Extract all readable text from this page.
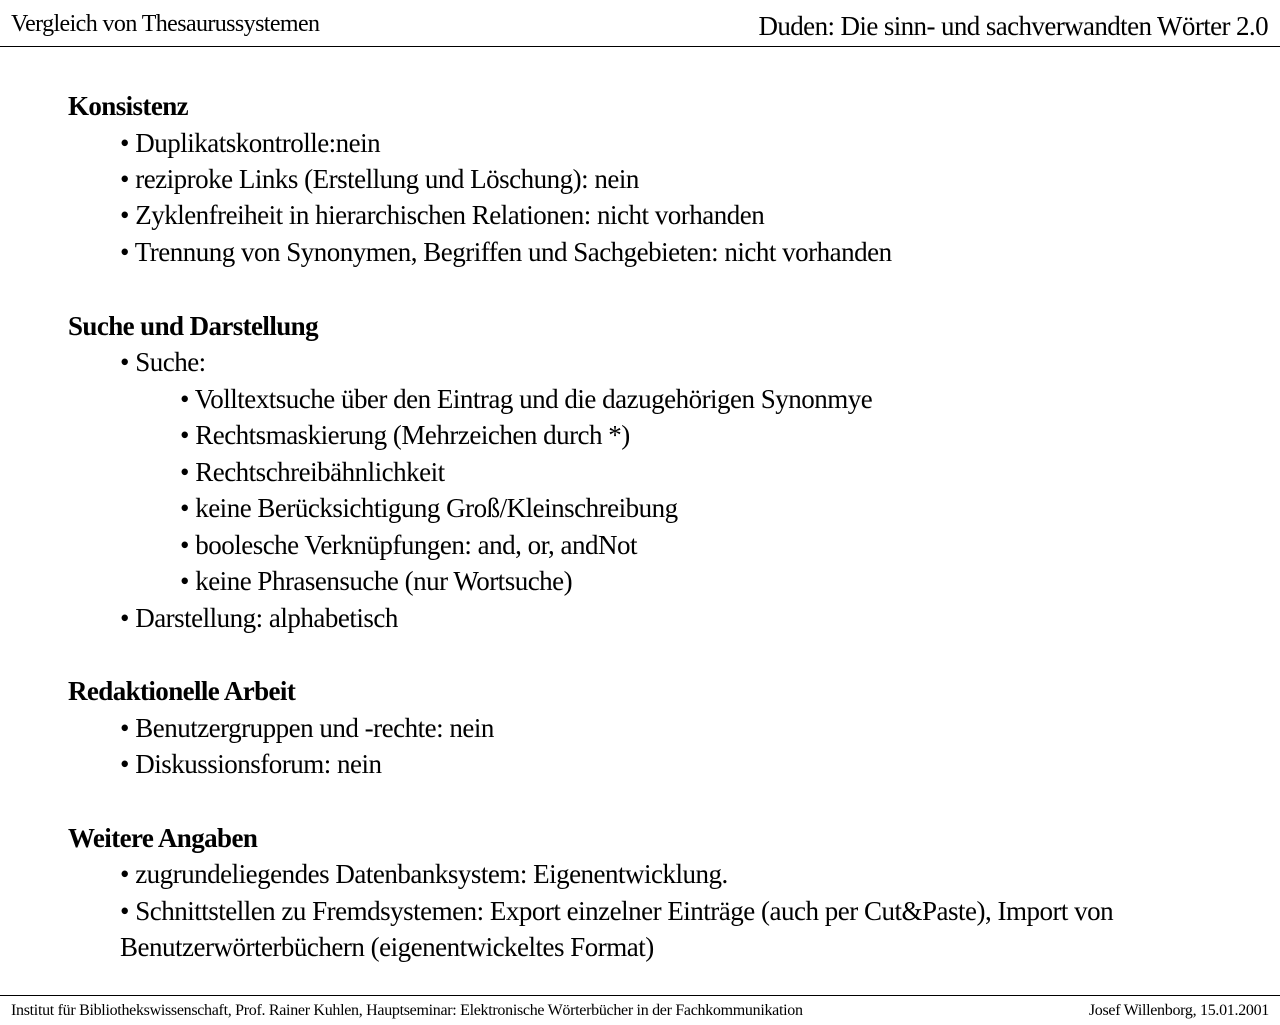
Vergleich von Thesaurussystemen	Duden: Die sinn- und sachverwandten Wörter 2.0
Konsistenz
• Duplikatskontrolle:nein
• reziproke Links (Erstellung und Löschung): nein
• Zyklenfreiheit in hierarchischen Relationen: nicht vorhanden
• Trennung von Synonymen, Begriffen und Sachgebieten: nicht vorhanden
Suche und Darstellung
• Suche:
• Volltextsuche über den Eintrag und die dazugehörigen Synonmye
• Rechtsmaskierung (Mehrzeichen durch *)
• Rechtschreibähnlichkeit
• keine Berücksichtigung Groß/Kleinschreibung
• boolesche Verknüpfungen: and, or, andNot
• keine Phrasensuche (nur Wortsuche)
• Darstellung: alphabetisch
Redaktionelle Arbeit
• Benutzergruppen und -rechte: nein
• Diskussionsforum: nein
Weitere Angaben
• zugrundeliegendes Datenbanksystem: Eigenentwicklung.
• Schnittstellen zu Fremdsystemen: Export einzelner Einträge (auch per Cut&Paste), Import von
Benutzerwörterbüchern (eigenentwickeltes Format)
Institut für Bibliothekswissenschaft, Prof. Rainer Kuhlen, Hauptseminar: Elektronische Wörterbücher in der Fachkommunikation	Josef Willenborg, 15.01.2001
